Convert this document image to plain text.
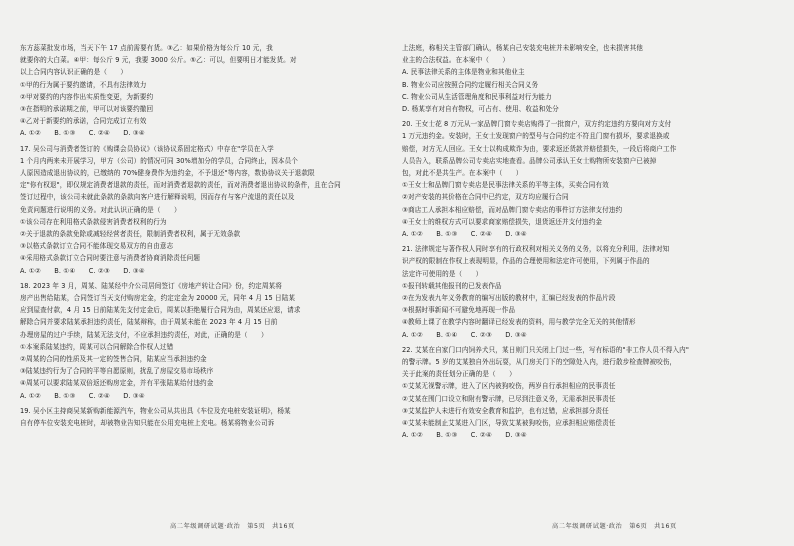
东方蕊菜批发市场，当天下午 17 点前需要有货。③乙：如果价格为每公斤 10 元，我
就要你的大白菜。④甲：每公斤 9 元，我要 3000 公斤。⑤乙：可以，但要明日才能发货。对
以上合同内容认识正确的是（　　）
①甲的行为属于要约邀请，不具有法律效力
②甲对要约的内容作出实质性变更，为新要约
③在指明的承诺期之前，甲可以对该要约撤回
④乙对于新要约的承诺，合同完成订立有效
A. ①②　　B. ①③　　C. ②④　　D. ③④
17. 吴公司与消费者签订的《购课会员协议》（该协议系固定格式）中存在"学员在入学
1 个月内两来未开展学习，甲方（公司）的情况可同 30%增加分的学员，合同终止，因本员个
人原因造成退出协议的，已缴纳的 70%健身费作为违约金，不予退还"等内容，数协协议关于退款限
定"你有权退"，即仅规定消费者退款的责任，而对消费者退款的责任，而对消费者退出协议的条件，且在合同
签订过程中，该公司未就此条款的条款向客户进行解释说明，因而存有与客户流退的责任以及
免责问题进行说明的义务。对此认识正确的是（　　）
①该公司存在利用格式条款侵害消费者权利的行为
②关于退款的条款免除或减轻经营者责任，限制消费者权利，属于无效条款
③以格式条款订立合同不能体现交易双方的自由意志
④采用格式条款订立合同时要注意与消费者协商消除责任问题
A. ①②　　B. ①④　　C. ②③　　D. ③④
18. 2023 年 3 月，周某、陆某经中介公司居间签订《房地产转让合同》份，约定周某将
房产出售给陆某，合同签订当天支付购房定金，约定定金为 20000 元，同年 4 月 15 日陆某
应到屋查付款，4 月 15 日前陆某先支付定金后，周某以拒绝履行合同为由，周某还应退，请求
解除合同并要求陆某承担违约责任，陆某辩称，由于周某未能在 2023 年 4 月 15 日前
办理房屋的过户手续，陆某无法支付，不应承担违约责任，对此，正确的是（　　）
①本案系陆某违约，周某可以合同解除合作权人过错
②周某的合同的性质及其一定的签售合同，陆某应当承担违约金
③陆某违约行为了合同的平等自愿原则，扰乱了房屋交易市场秩序
④周某可以要求陆某双倍返还购房定金，并有平张陆某给付违约金
A. ①②　　B. ①③　　C. ②④　　D. ③④
19. 吴小区主持商吴某新购新能源汽车，物业公司从共出具《车位及充电桩安装证明》，杨某
自有停车位安装充电桩时，却被物业告知只能在公用充电桩上充电。杨某将物业公司诉
上法庭，称相关主管部门确认，杨某自己安装充电桩并未影响安全，也未损害其他
业主的合法权益。在本案中（　　）
A. 民事法律关系的主体是物业和其他业主
B. 物业公司应按照合同约定履行相关合同义务
C. 物业公司从生活管理角度和民事利益对行为能力
D. 杨某享有对自有物权，可占有、使用、收益和处分
20. 王女士花 8 万元从一家品牌门窗专卖店购得了一批窗户，双方约定违约方要向对方支付
1 万元违约金。安装时，王女士发现窗户的型号与合同约定不符且门窗有损坏，要求退换或
赔偿，对方无人回应。王女士以构成欺诈为由，要求返还货款并赔偿损失，一段后将商户工作
人员告入，联系品牌公司专卖店实地查看。品牌公司承认王女士购物所安装窗户已被掉
包，对此不是共生产。在本案中（　　）
①王女士和品牌门窗专卖店是民事法律关系的平等主体，买卖合同有效
②对产安装的其价格在合同中已约定，双方均应履行合同
③商店工人承担本相应赔偿，而对品牌门窗专卖店的事件订方法律支付违约
④王女士的维权方式可以要求商家赔偿损失，退货返还并支付违约金
A. ①②　　B. ①③　　C. ②④　　D. ③④
21. 法律规定与著作权人同时享有的行政权利对相关义务的义务，以将充分利用，法律对知
识产权的限制在作权上表现明显，作品的合理使用和法定许可使用，下列属于作品的
法定许可使用的是（　　）
①报刊转载其他报刊的已发表作品
②在为发表九年义务教育的编写出版的教材中，汇编已经发表的作品片段
③根据时事新闻不可避免地再现一作品
④教师上课了在教学内容时翻译已经发表的资料，用与教学完全无关的其他情形
A. ①②　　B. ①④　　C. ②③　　D. ③④
22. 艾某在自家门口内饲养犬只，某日则门只关闭上门过一些，写有标语的"非工作人员不得入内"
的警示牌。5 岁的艾某独自外出玩耍，从门房关门下的空隙处入内，进行散步检查牌被咬伤，
关于此案的责任划分正确的是（　　）
①艾某无视警示牌，进入了区内被狗咬伤，两岁自行承担相应的民事责任
②艾某在围门口设立和附有警示牌，已尽到注意义务，无需承担民事责任
③艾某监护人未进行有效安全教育和监护，也有过错，应承担部分责任
④艾某未能制止艾某进入门区，导致艾某被狗咬伤，应承担相应赔偿责任
A. ①②　　B. ①③　　C. ②④　　D. ③④
高二年级调研试题·政治　第5页　共16页	高二年级调研试题·政治　第6页　共16页
